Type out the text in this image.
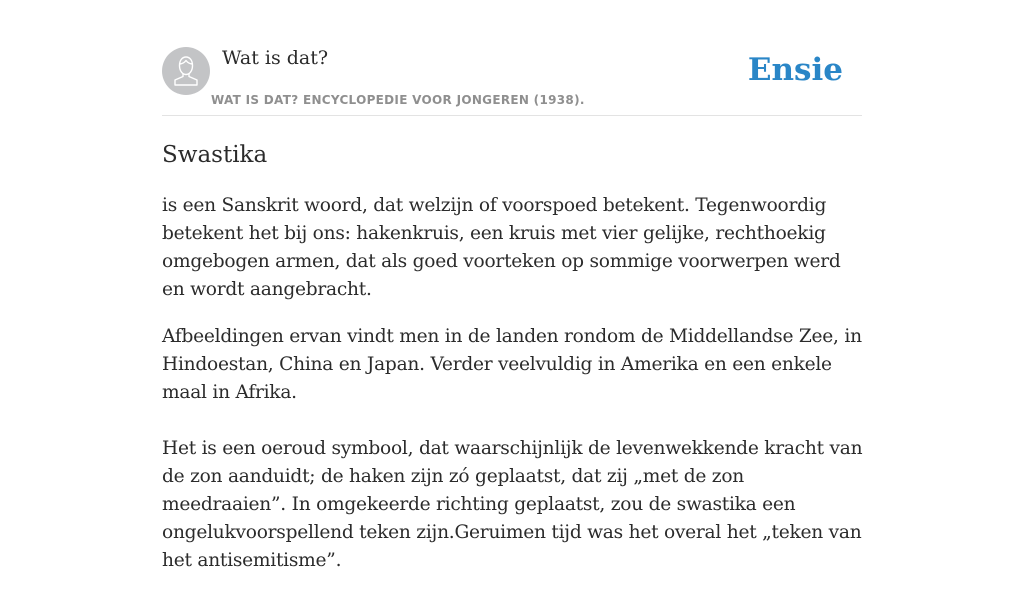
Wat is dat?
WAT IS DAT? ENCYCLOPEDIE VOOR JONGEREN (1938).
Ensie
Swastika

is een Sanskrit woord, dat welzijn of voorspoed betekent. Tegenwoordig betekent het bij ons: hakenkruis, een kruis met vier gelijke, rechthoekig omgebogen armen, dat als goed voorteken op sommige voorwerpen werd en wordt aangebracht.

Afbeeldingen ervan vindt men in de landen rondom de Middellandse Zee, in Hindoestan, China en Japan. Verder veelvuldig in Amerika en een enkele maal in Afrika.

Het is een oeroud symbool, dat waarschijnlijk de levenwekkende kracht van de zon aanduidt; de haken zijn zó geplaatst, dat zij „met de zon meedraaien”. In omgekeerde richting geplaatst, zou de swastika een ongelukvoorspellend teken zijn.Geruimen tijd was het overal het „teken van het antisemitisme”.
